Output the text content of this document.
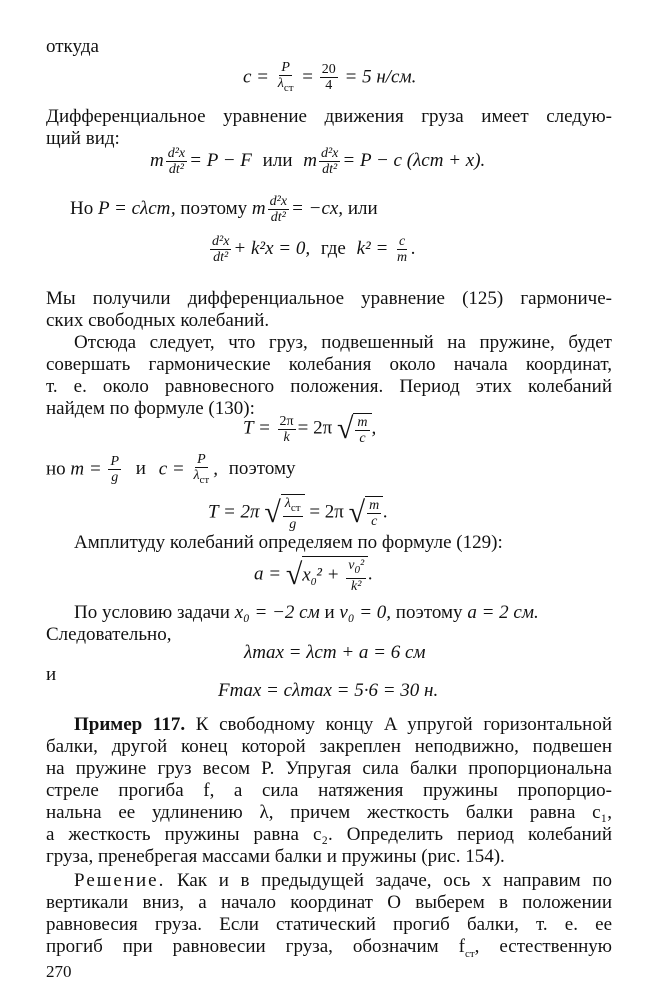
откуда
$c = \frac{P}{\lambda_{ст}} = \frac{20}{4} = 5$ н/см.
Дифференциальное уравнение движения груза имеет следую-
щий вид:
m $\frac{\text{d²x}}{\text{dt²}} = P - F$ или m $\frac{\text{d²x}}{\text{dt²}} = P - c$ (λст + x).
Но P = cλст, поэтому m $\frac{\text{d²x}}{\text{dt²}} = -cx$, или
$\frac{\text{d²x}}{\text{dt²}} + k^2x = 0$, где $k^2 = \frac{c}{m}$ .
Мы получили дифференциальное уравнение (125) гармониче-
ских свободных колебаний.
Отсюда следует, что груз, подвешенный на пружине, будет
совершать гармонические колебания около начала координат,
т. е. около равновесного положения. Период этих колебаний
найдем по формуле (130):
$T = \frac{2\pi}{k} = 2\pi$ √ $\frac{m}{c}$ ,
но $m = \frac{P}{g}$ и $c = \frac{P}{\lambda_{ст}}$ , поэтому
T = 2π √ $\frac{\lambda_{ст}}{g} = 2\pi$ √ $\frac{m}{c}$ .
Амплитуду колебаний определяем по формуле (129):
$a = √x_0^2 + \frac{v_0^2}{\text{k²}}$ .
По условию задачи x₀ = −2 см и v₀ = 0, поэтому a = 2 см.
Следовательно,
λmax = λст + a = 6 см
и
Fmax = cλmax = 5·6 = 30 н.
Пример 117. К свободному концу A упругой горизонтальной
балки, другой конец которой закреплен неподвижно, подвешен
на пружине груз весом P. Упругая сила балки пропорциональна
стреле прогиба f, а сила натяжения пружины пропорцио-
нальна ее удлинению λ, причем жесткость балки равна c₁,
а жесткость пружины равна c₂. Определить период колебаний
груза, пренебрегая массами балки и пружины (рис. 154).
Решение. Как и в предыдущей задаче, ось x направим по
вертикали вниз, а начало координат O выберем в положении
равновесия груза. Если статический прогиб балки, т. е. ее
прогиб при равновесии груза, обозначим $f_{ст}$, естественную
270
